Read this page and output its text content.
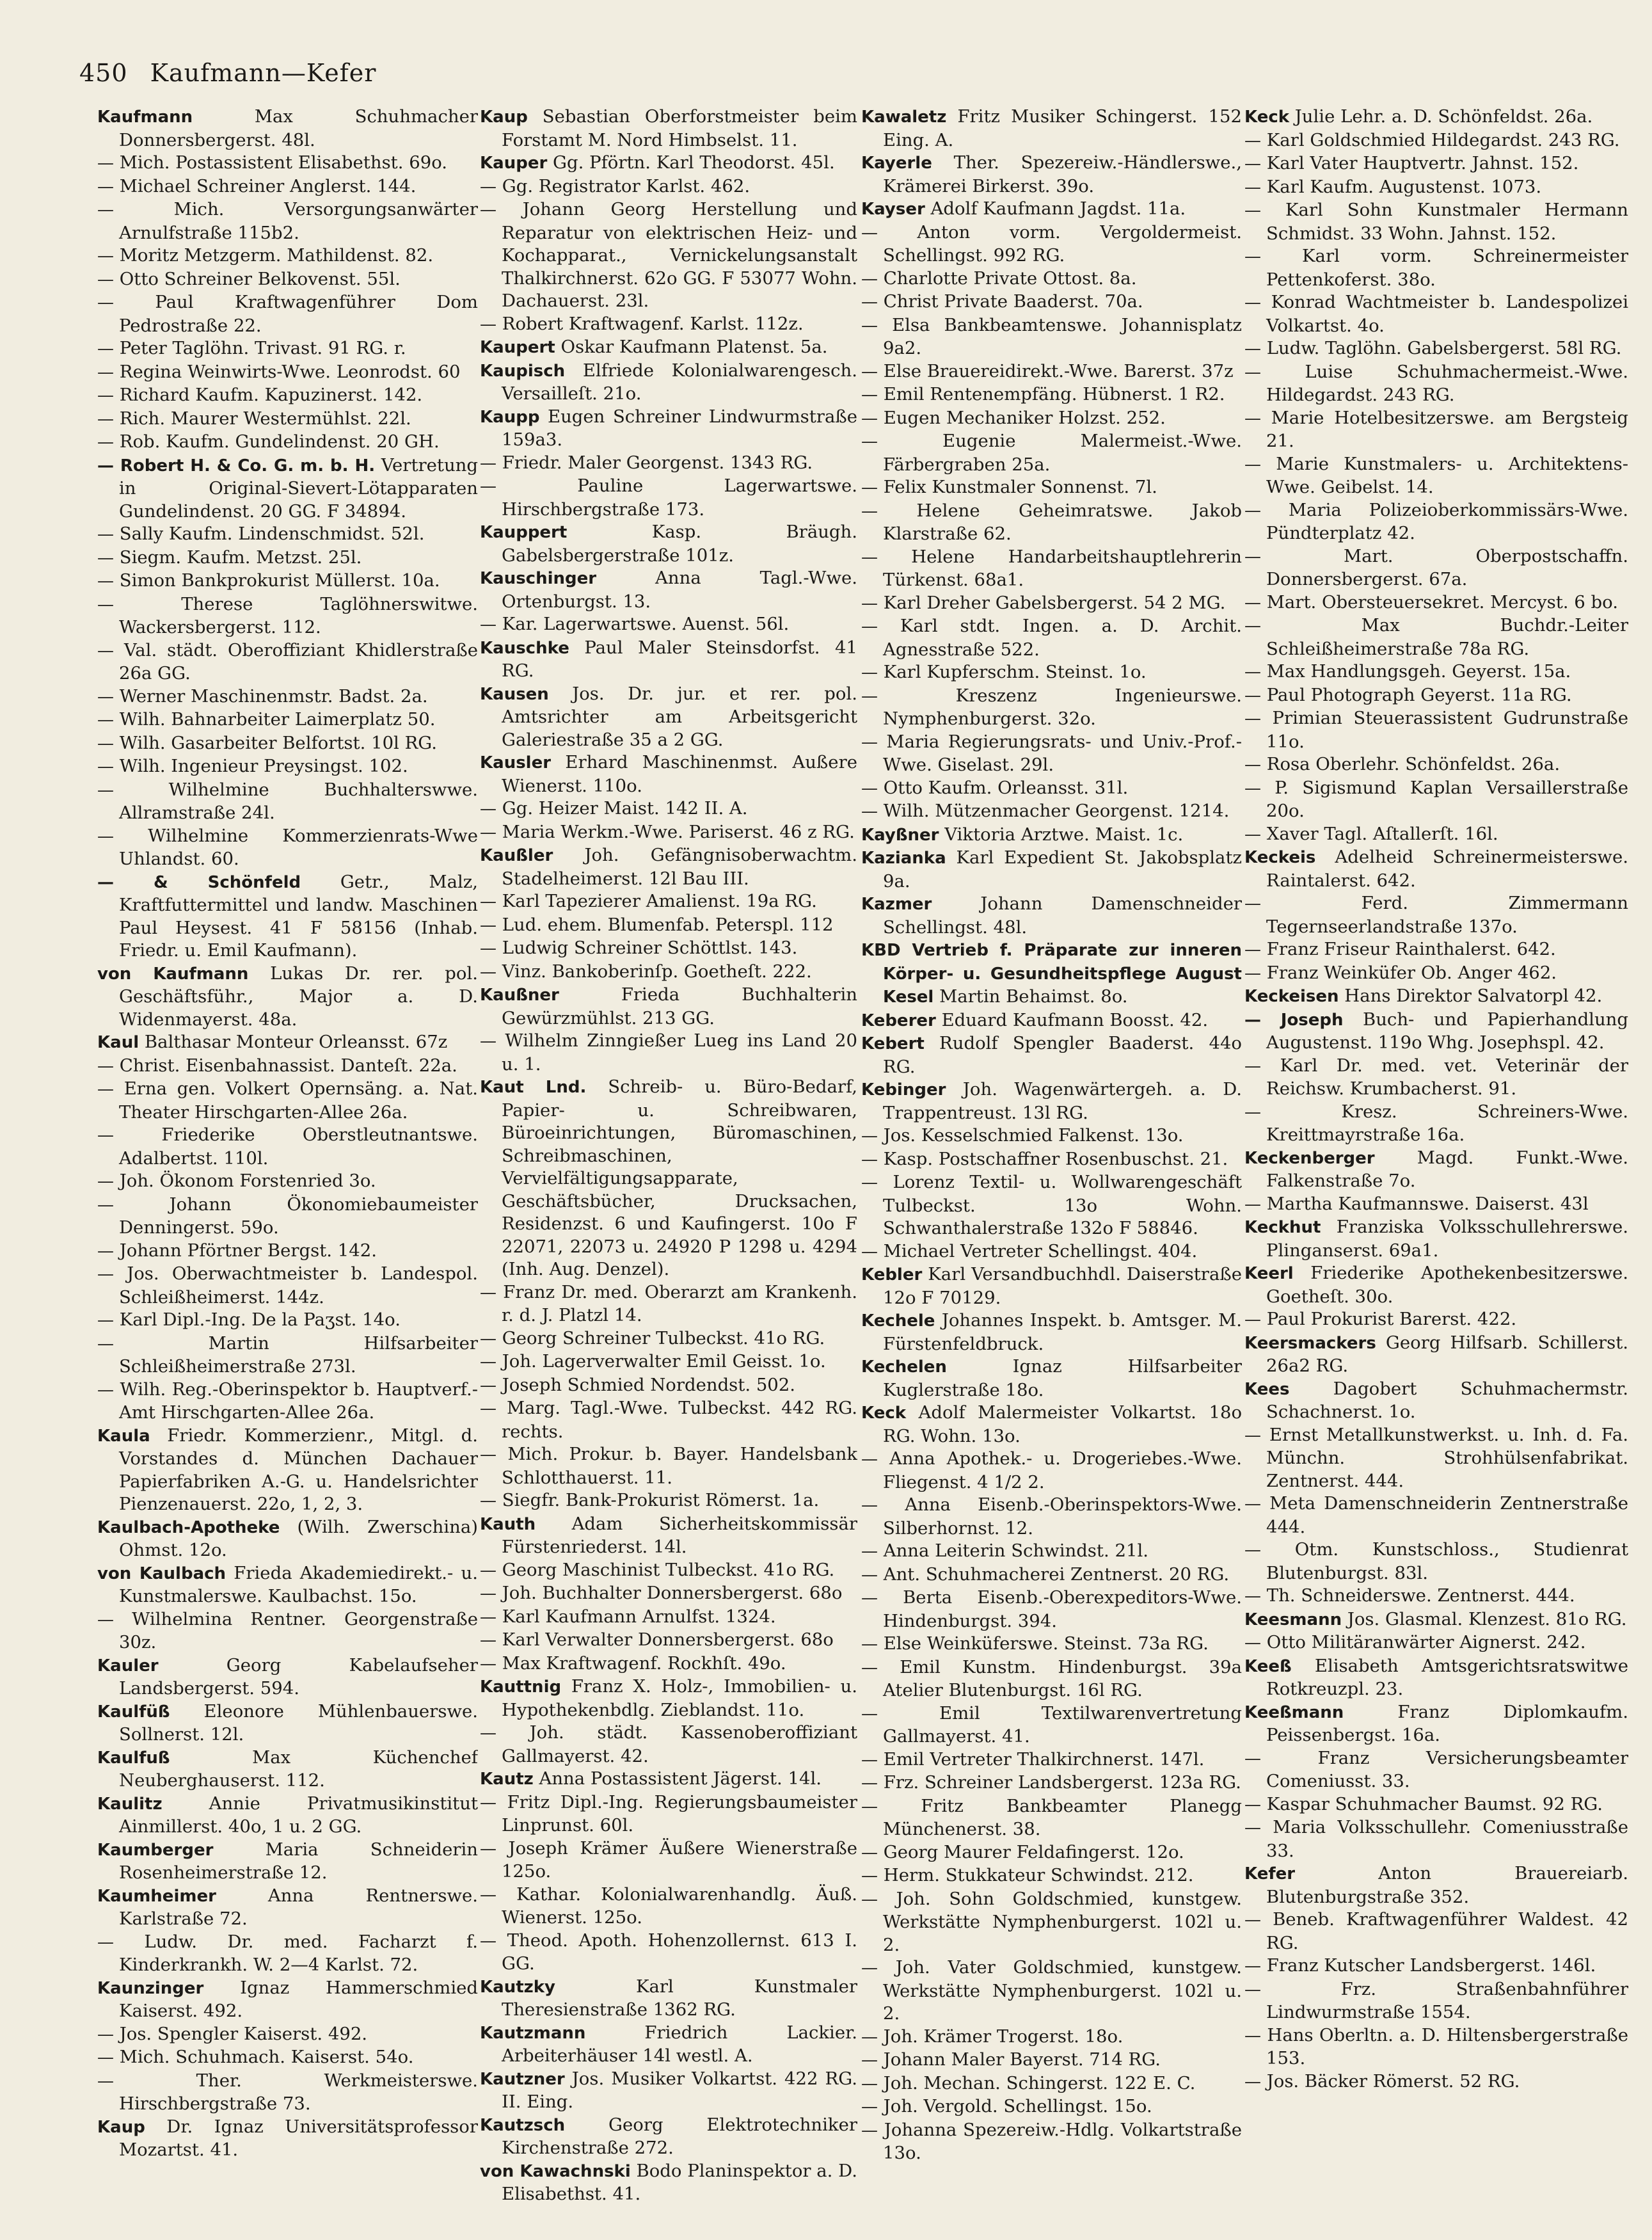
450 Kaufmann—Kefer

Kaufmann Max Schuhmacher Donnersbergerst. 48l.

— Mich. Postassistent Elisabethst. 69o.

— Michael Schreiner Anglerst. 144.

— Mich. Versorgungsanwärter Arnulfstraße 115b2.

— Moritz Metzgerm. Mathildenst. 82.

— Otto Schreiner Belkovenst. 55l.

— Paul Kraftwagenführer Dom Pedrostraße 22.

— Peter Taglöhn. Trivast. 91 RG. r.

— Regina Weinwirts-Wwe. Leonrodst. 60

— Richard Kaufm. Kapuzinerst. 142.

— Rich. Maurer Westermühlst. 22l.

— Rob. Kaufm. Gundelindenst. 20 GH.

— Robert H. & Co. G. m. b. H. Vertretung in Original-Sievert-Lötapparaten Gundelindenst. 20 GG. F 34894.

— Sally Kaufm. Lindenschmidst. 52l.

— Siegm. Kaufm. Metzst. 25l.

— Simon Bankprokurist Müllerst. 10a.

— Therese Taglöhnerswitwe. Wackersbergerst. 112.

— Val. städt. Oberoffiziant Khidlerstraße 26a GG.

— Werner Maschinenmstr. Badst. 2a.

— Wilh. Bahnarbeiter Laimerplatz 50.

— Wilh. Gasarbeiter Belfortst. 10l RG.

— Wilh. Ingenieur Preysingst. 102.

— Wilhelmine Buchhalterswwe. Allramstraße 24l.

— Wilhelmine Kommerzienrats-Wwe Uhlandst. 60.

— & Schönfeld Getr., Malz, Kraftfuttermittel und landw. Maschinen Paul Heysest. 41 F 58156 (Inhab. Friedr. u. Emil Kaufmann).

von Kaufmann Lukas Dr. rer. pol. Geschäftsführ., Major a. D. Widenmayerst. 48a.

Kaul Balthasar Monteur Orleansst. 67z

— Christ. Eisenbahnassist. Danteſt. 22a.

— Erna gen. Volkert Opernsäng. a. Nat. Theater Hirschgarten-Allee 26a.

— Friederike Oberstleutnantswe. Adalbertst. 110l.

— Joh. Ökonom Forstenried 3o.

— Johann Ökonomiebaumeister Denningerst. 59o.

— Johann Pförtner Bergst. 142.

— Jos. Oberwachtmeister b. Landespol. Schleißheimerst. 144z.

— Karl Dipl.-Ing. De la Paʒst. 14o.

— Martin Hilfsarbeiter Schleißheimerstraße 273l.

— Wilh. Reg.-Oberinspektor b. Hauptverf.-Amt Hirschgarten-Allee 26a.

Kaula Friedr. Kommerzienr., Mitgl. d. Vorstandes d. München Dachauer Papierfabriken A.-G. u. Handelsrichter Pienzenauerst. 22o, 1, 2, 3.

Kaulbach-Apotheke (Wilh. Zwerschina) Ohmst. 12o.

von Kaulbach Frieda Akademiedirekt.- u. Kunstmalerswe. Kaulbachst. 15o.

— Wilhelmina Rentner. Georgenstraße 30z.

Kauler Georg Kabelaufseher Landsbergerst. 594.

Kaulfüß Eleonore Mühlenbauerswe. Sollnerst. 12l.

Kaulfuß Max Küchenchef Neuberghauserst. 112.

Kaulitz Annie Privatmusikinstitut Ainmillerst. 40o, 1 u. 2 GG.

Kaumberger Maria Schneiderin Rosenheimerstraße 12.

Kaumheimer Anna Rentnerswe. Karlstraße 72.

— Ludw. Dr. med. Facharzt f. Kinderkrankh. W. 2—4 Karlst. 72.

Kaunzinger Ignaz Hammerschmied Kaiserst. 492.

— Jos. Spengler Kaiserst. 492.

— Mich. Schuhmach. Kaiserst. 54o.

— Ther. Werkmeisterswe. Hirschbergstraße 73.

Kaup Dr. Ignaz Universitätsprofessor Mozartst. 41.

Kaup Sebastian Oberforstmeister beim Forstamt M. Nord Himbselst. 11.

Kauper Gg. Pförtn. Karl Theodorst. 45l.

— Gg. Registrator Karlst. 462.

— Johann Georg Herstellung und Reparatur von elektrischen Heiz- und Kochapparat., Vernickelungsanstalt Thalkirchnerst. 62o GG. F 53077 Wohn. Dachauerst. 23l.

— Robert Kraftwagenf. Karlst. 112z.

Kaupert Oskar Kaufmann Platenst. 5a.

Kaupisch Elfriede Kolonialwarengesch. Versailleſt. 21o.

Kaupp Eugen Schreiner Lindwurmstraße 159a3.

— Friedr. Maler Georgenst. 1343 RG.

— Pauline Lagerwartswe. Hirschbergstraße 173.

Kauppert Kasp. Bräugh. Gabelsbergerstraße 101z.

Kauschinger Anna Tagl.-Wwe. Ortenburgst. 13.

— Kar. Lagerwartswe. Auenst. 56l.

Kauschke Paul Maler Steinsdorfst. 41 RG.

Kausen Jos. Dr. jur. et rer. pol. Amtsrichter am Arbeitsgericht Galeriestraße 35 a 2 GG.

Kausler Erhard Maschinenmst. Außere Wienerst. 110o.

— Gg. Heizer Maist. 142 II. A.

— Maria Werkm.-Wwe. Pariserst. 46 z RG.

Kaußler Joh. Gefängnisoberwachtm. Stadelheimerst. 12l Bau III.

— Karl Tapezierer Amalienst. 19a RG.

— Lud. ehem. Blumenfab. Peterspl. 112

— Ludwig Schreiner Schöttlst. 143.

— Vinz. Bankoberinſp. Goetheſt. 222.

Kaußner Frieda Buchhalterin Gewürzmühlst. 213 GG.

— Wilhelm Zinngießer Lueg ins Land 20 u. 1.

Kaut Lnd. Schreib- u. Büro-Bedarf, Papier- u. Schreibwaren, Büroeinrichtungen, Büromaschinen, Schreibmaschinen, Vervielfältigungsapparate, Geschäftsbücher, Drucksachen, Residenzst. 6 und Kaufingerst. 10o F 22071, 22073 u. 24920 P 1298 u. 4294 (Inh. Aug. Denzel).

— Franz Dr. med. Oberarzt am Krankenh. r. d. J. Platzl 14.

— Georg Schreiner Tulbeckst. 41o RG.

— Joh. Lagerverwalter Emil Geisst. 1o.

— Joseph Schmied Nordendst. 502.

— Marg. Tagl.-Wwe. Tulbeckst. 442 RG. rechts.

— Mich. Prokur. b. Bayer. Handelsbank Schlotthauerst. 11.

— Siegfr. Bank-Prokurist Römerst. 1a.

Kauth Adam Sicherheitskommissär Fürstenriederst. 14l.

— Georg Maschinist Tulbeckst. 41o RG.

— Joh. Buchhalter Donnersbergerst. 68o

— Karl Kaufmann Arnulfst. 1324.

— Karl Verwalter Donnersbergerst. 68o

— Max Kraftwagenf. Rockhſt. 49o.

Kauttnig Franz X. Holz-, Immobilien- u. Hypothekenbdlg. Zieblandst. 11o.

— Joh. städt. Kassenoberoffiziant Gallmayerst. 42.

Kautz Anna Postassistent Jägerst. 14l.

— Fritz Dipl.-Ing. Regierungsbaumeister Linprunst. 60l.

— Joseph Krämer Äußere Wienerstraße 125o.

— Kathar. Kolonialwarenhandlg. Äuß. Wienerst. 125o.

— Theod. Apoth. Hohenzollernst. 613 I. GG.

Kautzky Karl Kunstmaler Theresienstraße 1362 RG.

Kautzmann Friedrich Lackier. Arbeiterhäuser 14l westl. A.

Kautzner Jos. Musiker Volkartst. 422 RG. II. Eing.

Kautzsch Georg Elektrotechniker Kirchenstraße 272.

von Kawachnski Bodo Planinspektor a. D. Elisabethst. 41.

Kawaletz Fritz Musiker Schingerst. 152 Eing. A.

Kayerle Ther. Spezereiw.-Händlerswe., Krämerei Birkerst. 39o.

Kayser Adolf Kaufmann Jagdst. 11a.

— Anton vorm. Vergoldermeist. Schellingst. 992 RG.

— Charlotte Private Ottost. 8a.

— Christ Private Baaderst. 70a.

— Elsa Bankbeamtenswe. Johannisplatz 9a2.

— Else Brauereidirekt.-Wwe. Barerst. 37z

— Emil Rentenempfäng. Hübnerst. 1 R2.

— Eugen Mechaniker Holzst. 252.

— Eugenie Malermeist.-Wwe. Färbergraben 25a.

— Felix Kunstmaler Sonnenst. 7l.

— Helene Geheimratswe. Jakob Klarstraße 62.

— Helene Handarbeitshauptlehrerin Türkenst. 68a1.

— Karl Dreher Gabelsbergerst. 54 2 MG.

— Karl stdt. Ingen. a. D. Archit. Agnesstraße 522.

— Karl Kupferschm. Steinst. 1o.

— Kreszenz Ingenieurswe. Nymphenburgerst. 32o.

— Maria Regierungsrats- und Univ.-Prof.-Wwe. Giselast. 29l.

— Otto Kaufm. Orleansst. 31l.

— Wilh. Mützenmacher Georgenst. 1214.

Kayßner Viktoria Arztwe. Maist. 1c.

Kazianka Karl Expedient St. Jakobsplatz 9a.

Kazmer Johann Damenschneider Schellingst. 48l.

KBD Vertrieb f. Präparate zur inneren Körper- u. Gesundheitspflege August Kesel Martin Behaimst. 8o.

Keberer Eduard Kaufmann Boosst. 42.

Kebert Rudolf Spengler Baaderst. 44o RG.

Kebinger Joh. Wagenwärtergeh. a. D. Trappentreust. 13l RG.

— Jos. Kesselschmied Falkenst. 13o.

— Kasp. Postschaffner Rosenbuschst. 21.

— Lorenz Textil- u. Wollwarengeschäft Tulbeckst. 13o Wohn. Schwanthalerstraße 132o F 58846.

— Michael Vertreter Schellingst. 404.

Kebler Karl Versandbuchhdl. Daiserstraße 12o F 70129.

Kechele Johannes Inspekt. b. Amtsger. M. Fürstenfeldbruck.

Kechelen Ignaz Hilfsarbeiter Kuglerstraße 18o.

Keck Adolf Malermeister Volkartst. 18o RG. Wohn. 13o.

— Anna Apothek.- u. Drogeriebes.-Wwe. Fliegenst. 4 1/2 2.

— Anna Eisenb.-Oberinspektors-Wwe. Silberhornst. 12.

— Anna Leiterin Schwindst. 21l.

— Ant. Schuhmacherei Zentnerst. 20 RG.

— Berta Eisenb.-Oberexpeditors-Wwe. Hindenburgst. 394.

— Else Weinküferswe. Steinst. 73a RG.

— Emil Kunstm. Hindenburgst. 39a Atelier Blutenburgst. 16l RG.

— Emil Textilwarenvertretung Gallmayerst. 41.

— Emil Vertreter Thalkirchnerst. 147l.

— Frz. Schreiner Landsbergerst. 123a RG.

— Fritz Bankbeamter Planegg Münchenerst. 38.

— Georg Maurer Feldafingerst. 12o.

— Herm. Stukkateur Schwindst. 212.

— Joh. Sohn Goldschmied, kunstgew. Werkstätte Nymphenburgerst. 102l u. 2.

— Joh. Vater Goldschmied, kunstgew. Werkstätte Nymphenburgerst. 102l u. 2.

— Joh. Krämer Trogerst. 18o.

— Johann Maler Bayerst. 714 RG.

— Joh. Mechan. Schingerst. 122 E. C.

— Joh. Vergold. Schellingst. 15o.

— Johanna Spezereiw.-Hdlg. Volkartstraße 13o.

Keck Julie Lehr. a. D. Schönfeldst. 26a.

— Karl Goldschmied Hildegardst. 243 RG.

— Karl Vater Hauptvertr. Jahnst. 152.

— Karl Kaufm. Augustenst. 1073.

— Karl Sohn Kunstmaler Hermann Schmidst. 33 Wohn. Jahnst. 152.

— Karl vorm. Schreinermeister Pettenkoferst. 38o.

— Konrad Wachtmeister b. Landespolizei Volkartst. 4o.

— Ludw. Taglöhn. Gabelsbergerst. 58l RG.

— Luise Schuhmachermeist.-Wwe. Hildegardst. 243 RG.

— Marie Hotelbesitzerswe. am Bergsteig 21.

— Marie Kunstmalers- u. Architektens-Wwe. Geibelst. 14.

— Maria Polizeioberkommissärs-Wwe. Pündterplatz 42.

— Mart. Oberpostschaffn. Donnersbergerst. 67a.

— Mart. Obersteuersekret. Mercyst. 6 bo.

— Max Buchdr.-Leiter Schleißheimerstraße 78a RG.

— Max Handlungsgeh. Geyerst. 15a.

— Paul Photograph Geyerst. 11a RG.

— Primian Steuerassistent Gudrunstraße 11o.

— Rosa Oberlehr. Schönfeldst. 26a.

— P. Sigismund Kaplan Versaillerstraße 20o.

— Xaver Tagl. Aſtallerſt. 16l.

Keckeis Adelheid Schreinermeisterswe. Raintalerst. 642.

— Ferd. Zimmermann Tegernseerlandstraße 137o.

— Franz Friseur Rainthalerst. 642.

— Franz Weinküfer Ob. Anger 462.

Keckeisen Hans Direktor Salvatorpl 42.

— Joseph Buch- und Papierhandlung Augustenst. 119o Whg. Josephspl. 42.

— Karl Dr. med. vet. Veterinär der Reichsw. Krumbacherst. 91.

— Kresz. Schreiners-Wwe. Kreittmayrstraße 16a.

Keckenberger Magd. Funkt.-Wwe. Falkenstraße 7o.

— Martha Kaufmannswe. Daiserst. 43l

Keckhut Franziska Volksschullehrerswe. Plinganserst. 69a1.

Keerl Friederike Apothekenbesitzerswe. Goetheſt. 30o.

— Paul Prokurist Barerst. 422.

Keersmackers Georg Hilfsarb. Schillerst. 26a2 RG.

Kees Dagobert Schuhmachermstr. Schachnerst. 1o.

— Ernst Metallkunstwerkst. u. Inh. d. Fa. Münchn. Strohhülsenfabrikat. Zentnerst. 444.

— Meta Damenschneiderin Zentnerstraße 444.

— Otm. Kunstschloss., Studienrat Blutenburgst. 83l.

— Th. Schneiderswe. Zentnerst. 444.

Keesmann Jos. Glasmal. Klenzest. 81o RG.

— Otto Militäranwärter Aignerst. 242.

Keeß Elisabeth Amtsgerichtsratswitwe Rotkreuzpl. 23.

Keeßmann Franz Diplomkaufm. Peissenbergst. 16a.

— Franz Versicherungsbeamter Comeniusst. 33.

— Kaspar Schuhmacher Baumst. 92 RG.

— Maria Volksschullehr. Comeniusstraße 33.

Kefer Anton Brauereiarb. Blutenburgstraße 352.

— Beneb. Kraftwagenführer Waldest. 42 RG.

— Franz Kutscher Landsbergerst. 146l.

— Frz. Straßenbahnführer Lindwurmstraße 1554.

— Hans Oberltn. a. D. Hiltensbergerstraße 153.

— Jos. Bäcker Römerst. 52 RG.
